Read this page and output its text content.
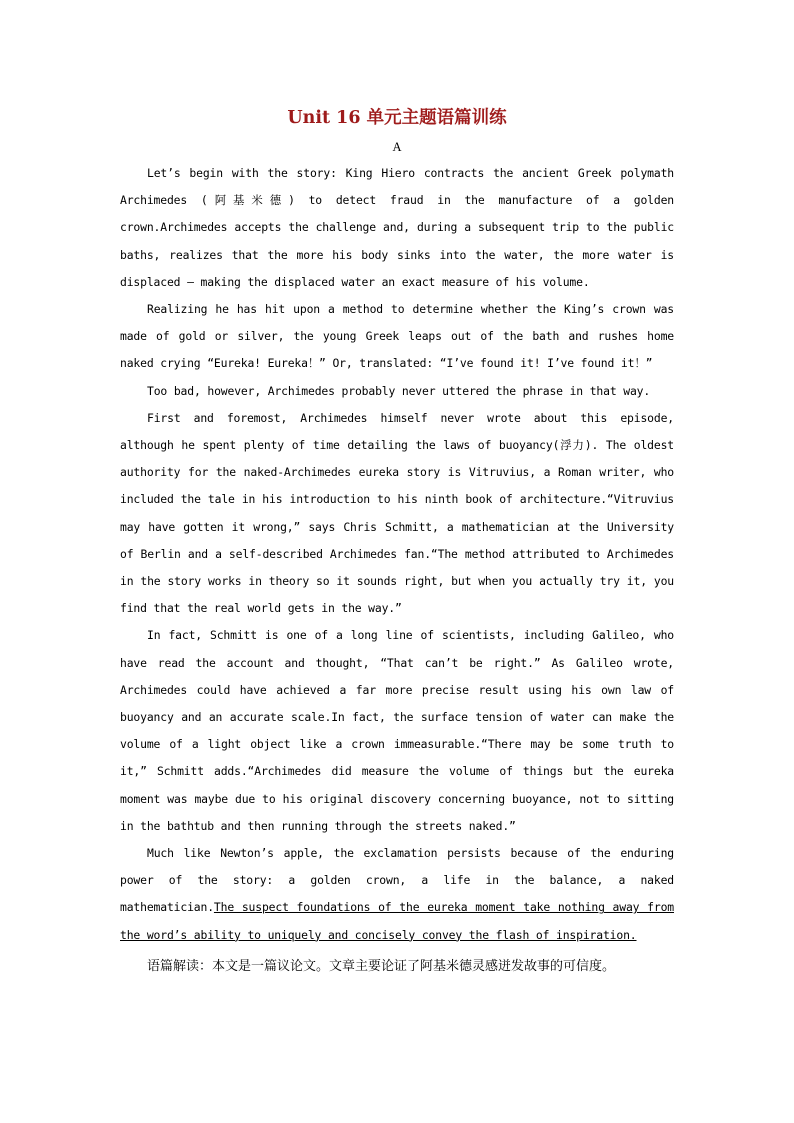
Unit 16 单元主题语篇训练
A

Let’s begin with the story: King Hiero contracts the ancient Greek polymath Archimedes (阿基米德) to detect fraud in the manufacture of a golden crown.Archimedes accepts the challenge and, during a subsequent trip to the public baths, realizes that the more his body sinks into the water, the more water is displaced — making the displaced water an exact measure of his volume.

Realizing he has hit upon a method to determine whether the King’s crown was made of gold or silver, the young Greek leaps out of the bath and rushes home naked crying “Eureka! Eureka！” Or, translated: “I’ve found it! I’ve found it！”

Too bad, however, Archimedes probably never uttered the phrase in that way.

First and foremost, Archimedes himself never wrote about this episode, although he spent plenty of time detailing the laws of buoyancy(浮力). The oldest authority for the naked-Archimedes eureka story is Vitruvius, a Roman writer, who included the tale in his introduction to his ninth book of architecture.“Vitruvius may have gotten it wrong,” says Chris Schmitt, a mathematician at the University of Berlin and a self-described Archimedes fan.“The method attributed to Archimedes in the story works in theory so it sounds right, but when you actually try it, you find that the real world gets in the way.”

In fact, Schmitt is one of a long line of scientists, including Galileo, who have read the account and thought, “That can’t be right.” As Galileo wrote, Archimedes could have achieved a far more precise result using his own law of buoyancy and an accurate scale.In fact, the surface tension of water can make the volume of a light object like a crown immeasurable.“There may be some truth to it,” Schmitt adds.“Archimedes did measure the volume of things but the eureka moment was maybe due to his original discovery concerning buoyance, not to sitting in the bathtub and then running through the streets naked.”

Much like Newton’s apple, the exclamation persists because of the enduring power of the story: a golden crown, a life in the balance, a naked mathematician.The suspect foundations of the eureka moment take nothing away from the word’s ability to uniquely and concisely convey the flash of inspiration.

语篇解读：本文是一篇议论文。文章主要论证了阿基米德灵感迸发故事的可信度。
